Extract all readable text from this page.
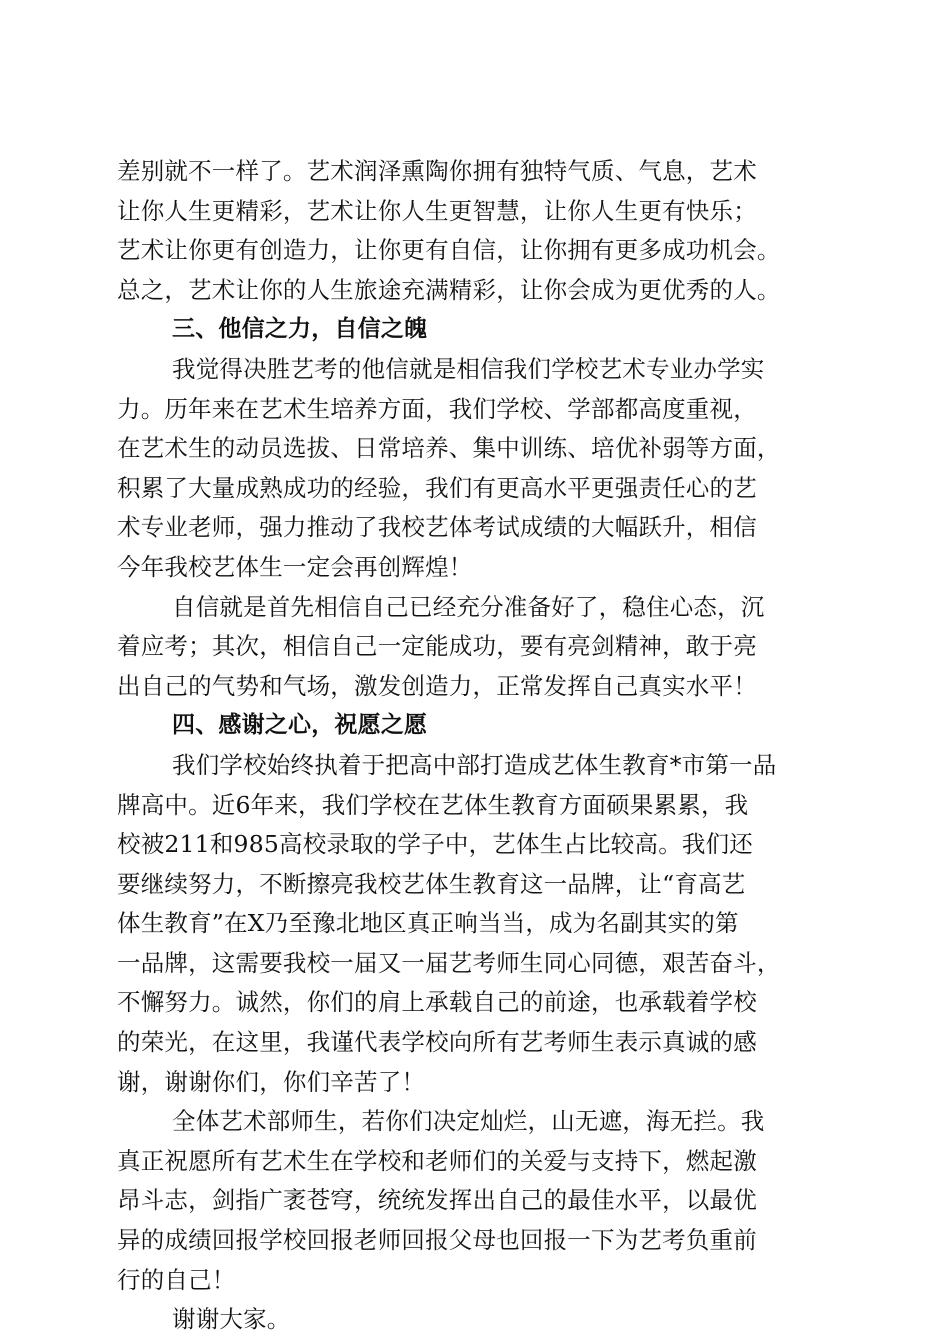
差别就不一样了。艺术润泽熏陶你拥有独特气质、气息，艺术
让你人生更精彩，艺术让你人生更智慧，让你人生更有快乐；
艺术让你更有创造力，让你更有自信，让你拥有更多成功机会。
总之，艺术让你的人生旅途充满精彩，让你会成为更优秀的人。
三、他信之力，自信之魄
我觉得决胜艺考的他信就是相信我们学校艺术专业办学实
力。历年来在艺术生培养方面，我们学校、学部都高度重视，
在艺术生的动员选拔、日常培养、集中训练、培优补弱等方面，
积累了大量成熟成功的经验，我们有更高水平更强责任心的艺
术专业老师，强力推动了我校艺体考试成绩的大幅跃升，相信
今年我校艺体生一定会再创辉煌！
自信就是首先相信自己已经充分准备好了，稳住心态，沉
着应考；其次，相信自己一定能成功，要有亮剑精神，敢于亮
出自己的气势和气场，激发创造力，正常发挥自己真实水平！
四、感谢之心，祝愿之愿
我们学校始终执着于把高中部打造成艺体生教育*市第一品
牌高中。近6年来，我们学校在艺体生教育方面硕果累累，我
校被211和985高校录取的学子中，艺体生占比较高。我们还
要继续努力，不断擦亮我校艺体生教育这一品牌，让“育高艺
体生教育”在X乃至豫北地区真正响当当，成为名副其实的第
一品牌，这需要我校一届又一届艺考师生同心同德，艰苦奋斗，
不懈努力。诚然，你们的肩上承载自己的前途，也承载着学校
的荣光，在这里，我谨代表学校向所有艺考师生表示真诚的感
谢，谢谢你们，你们辛苦了！
全体艺术部师生，若你们决定灿烂，山无遮，海无拦。我
真正祝愿所有艺术生在学校和老师们的关爱与支持下，燃起激
昂斗志，剑指广袤苍穹，统统发挥出自己的最佳水平，以最优
异的成绩回报学校回报老师回报父母也回报一下为艺考负重前
行的自己！
谢谢大家。
